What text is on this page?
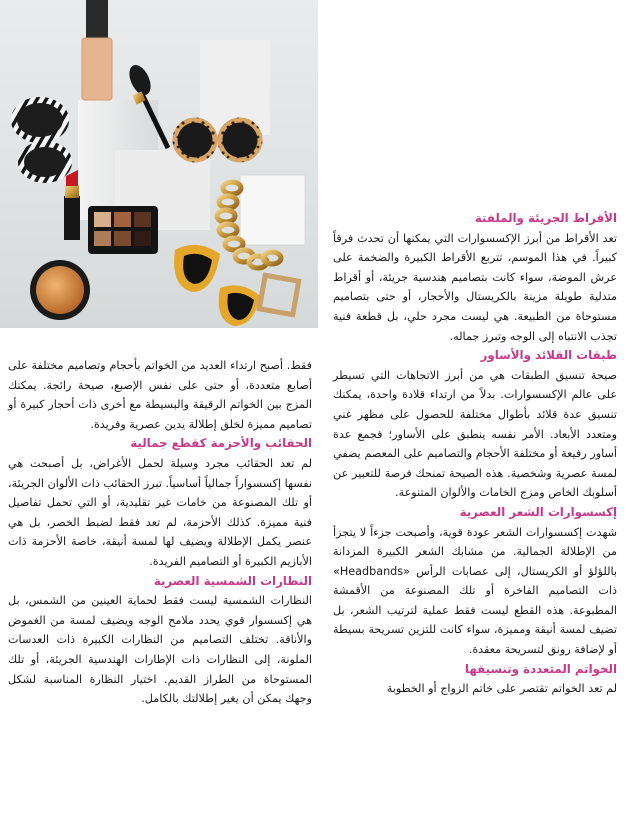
الأقراط الجريئة والملفتة

تعد الأقراط من أبرز الإكسسوارات التي يمكنها أن تحدث فرقاً كبيراً. في هذا الموسم، تتربع الأقراط الكبيرة والضخمة على عرش الموضة، سواء كانت بتصاميم هندسية جريئة، أو أقراط متدلية طويلة مزينة بالكريستال والأحجار، أو حتى بتصاميم مستوحاة من الطبيعة. هي ليست مجرد حلي، بل قطعة فنية تجذب الانتباه إلى الوجه وتبرز جماله.

طبقات القلائد والأساور

صيحة تنسيق الطبقات هي من أبرز الاتجاهات التي تسيطر على عالم الإكسسوارات. بدلاً من ارتداء قلادة واحدة، يمكنك تنسيق عدة قلائد بأطوال مختلفة للحصول على مظهر غني ومتعدد الأبعاد. الأمر نفسه ينطبق على الأساور؛ فجمع عدة أساور رفيعة أو مختلفة الأحجام والتصاميم على المعصم يضفي لمسة عصرية وشخصية. هذه الصيحة تمنحك فرصة للتعبير عن أسلوبك الخاص ومزج الخامات والألوان المتنوعة.

إكسسوارات الشعر العصرية

شهدت إكسسوارات الشعر عودة قوية، وأصبحت جزءاً لا يتجزأ من الإطلالة الجمالية. من مشابك الشعر الكبيرة المزدانة باللؤلؤ أو الكريستال، إلى عصابات الرأس «Headbands» ذات التصاميم الفاخرة أو تلك المصنوعة من الأقمشة المطبوعة. هذه القطع ليست فقط عملية لترتيب الشعر، بل تضيف لمسة أنيقة ومميزة، سواء كانت للتزين تسريحة بسيطة أو لإضافة رونق لتسريحة معقدة.

الخواتم المتعددة وتنسيقها

لم تعد الخواتم تقتصر على خاتم الزواج أو الخطوبة

فقط. أصبح ارتداء العديد من الخواتم بأحجام وتصاميم مختلفة على أصابع متعددة، أو حتى على نفس الإصبع، صيحة رائجة. يمكنك المزج بين الخواتم الرقيقة والبسيطة مع أخرى ذات أحجار كبيرة أو تصاميم مميزة لخلق إطلالة يدين عصرية وفريدة.

الحقائب والأحزمة كقطع جمالية

لم تعد الحقائب مجرد وسيلة لحمل الأغراض، بل أصبحت هي نفسها إكسسواراً جمالياً أساسياً. تبرز الحقائب ذات الألوان الجريئة، أو تلك المصنوعة من خامات غير تقليدية، أو التي تحمل تفاصيل فنية مميزة. كذلك الأحزمة، لم تعد فقط لضبط الخصر، بل هي عنصر يكمل الإطلالة ويضيف لها لمسة أنيقة، خاصة الأحزمة ذات الأبازيم الكبيرة أو التصاميم الفريدة.

النظارات الشمسية العصرية

النظارات الشمسية ليست فقط لحماية العينين من الشمس، بل هي إكسسوار قوي يحدد ملامح الوجه ويضيف لمسة من الغموض والأناقة. تختلف التصاميم من النظارات الكبيرة ذات العدسات الملونة، إلى النظارات ذات الإطارات الهندسية الجريئة، أو تلك المستوحاة من الطراز القديم. اختيار النظارة المناسبة لشكل وجهك يمكن أن يغير إطلالتك بالكامل.
